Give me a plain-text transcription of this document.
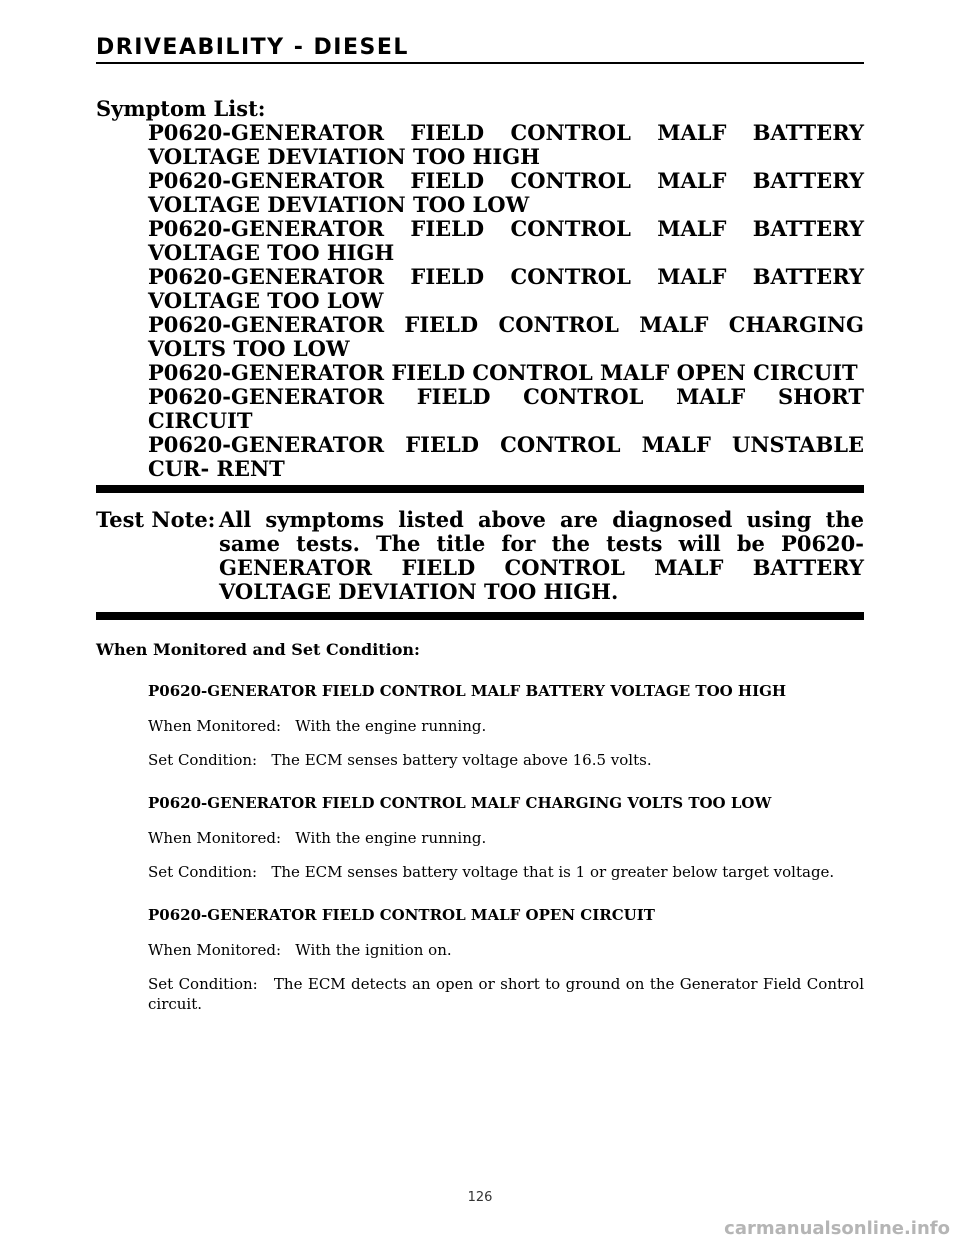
DRIVEABILITY - DIESEL
Symptom List:
P0620-GENERATOR FIELD CONTROL MALF BATTERY VOLTAGE DEVIATION TOO HIGH
P0620-GENERATOR FIELD CONTROL MALF BATTERY VOLTAGE DEVIATION TOO LOW
P0620-GENERATOR FIELD CONTROL MALF BATTERY VOLTAGE TOO HIGH
P0620-GENERATOR FIELD CONTROL MALF BATTERY VOLTAGE TOO LOW
P0620-GENERATOR FIELD CONTROL MALF CHARGING VOLTS TOO LOW
P0620-GENERATOR FIELD CONTROL MALF OPEN CIRCUIT
P0620-GENERATOR FIELD CONTROL MALF SHORT CIRCUIT
P0620-GENERATOR FIELD CONTROL MALF UNSTABLE CUR- RENT
Test Note: All symptoms listed above are diagnosed using the same tests. The title for the tests will be P0620-GENERATOR FIELD CONTROL MALF BATTERY VOLTAGE DEVIATION TOO HIGH.
When Monitored and Set Condition:
P0620-GENERATOR FIELD CONTROL MALF BATTERY VOLTAGE TOO HIGH
When Monitored:   With the engine running.
Set Condition:   The ECM senses battery voltage above 16.5 volts.
P0620-GENERATOR FIELD CONTROL MALF CHARGING VOLTS TOO LOW
When Monitored:   With the engine running.
Set Condition:   The ECM senses battery voltage that is 1 or greater below target voltage.
P0620-GENERATOR FIELD CONTROL MALF OPEN CIRCUIT
When Monitored:   With the ignition on.
Set Condition:   The ECM detects an open or short to ground on the Generator Field Control circuit.
126
carmanualsonline.info
